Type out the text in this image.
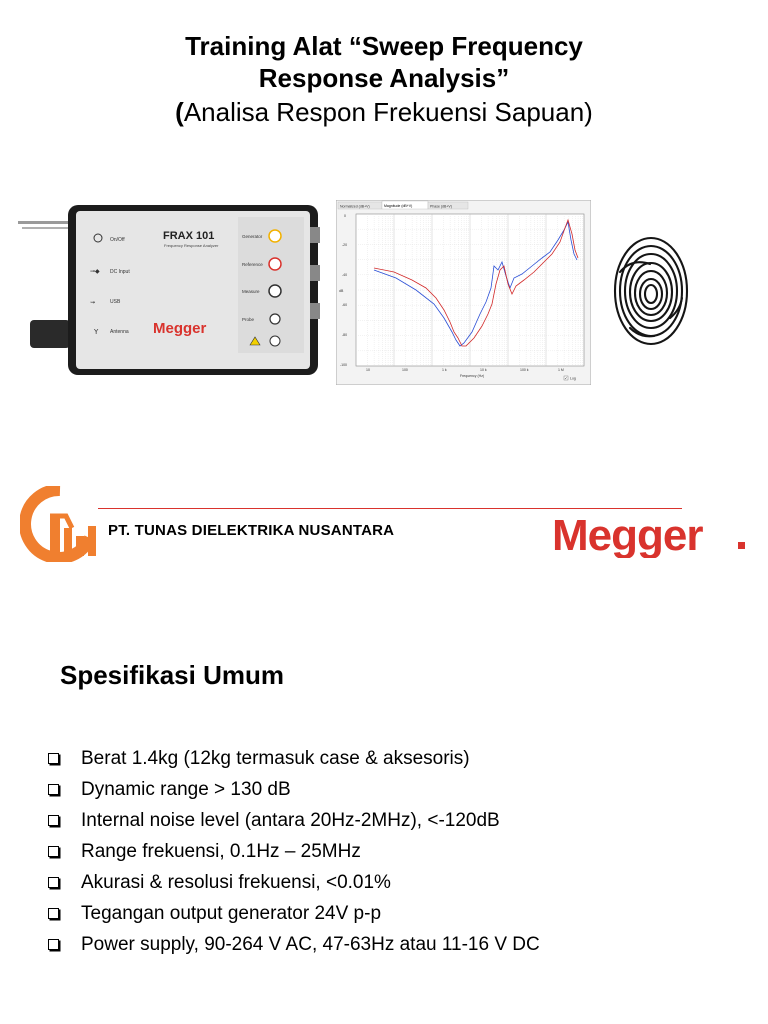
Training Alat “Sweep Frequency
Response Analysis”
(Analisa Respon Frekuensi Sapuan)
FRAX 101
Frequency Response Analyzer
On/Off
⊸◆ DC Input
⇝	USB
Y Antenna Megger
Generator
Reference
Measure
Probe
Normalized (dB+V)	Magnitude (dB+V)	Phase (dB+V)
0
-20
-40
-60
-80
-100
dB
10	100	1 k	10 k	100 k	1 M
Frequency (Hz)
✓ Log
PT. TUNAS DIELEKTRIKA NUSANTARA	Megger
Spesifikasi Umum
Berat 1.4kg (12kg termasuk case & aksesoris)
Dynamic range > 130 dB
Internal noise level (antara 20Hz-2MHz), <-120dB
Range frekuensi, 0.1Hz – 25MHz
Akurasi & resolusi frekuensi, <0.01%
Tegangan output generator 24V p-p
Power supply, 90-264 V AC, 47-63Hz atau 11-16 V DC
